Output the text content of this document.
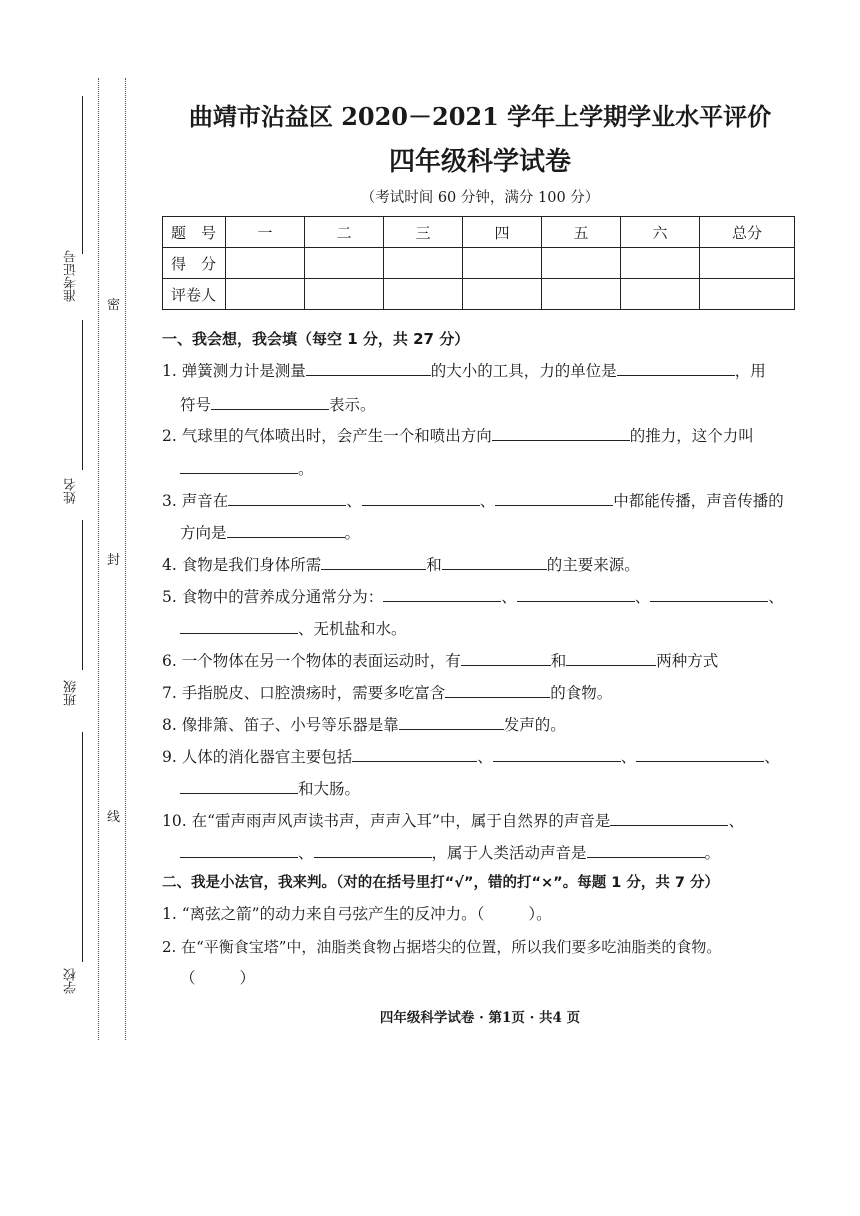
准考证号
姓名
班级
学校
密
封
线
曲靖市沾益区 2020－2021 学年上学期学业水平评价
四年级科学试卷
（考试时间 60 分钟，满分 100 分）
题　号	一	二	三	四	五	六	总分
得　分							
评卷人							
一、我会想，我会填（每空 1 分，共 27 分）
1. 弹簧测力计是测量	的大小的工具，力的单位是	，用
符号	表示。
2. 气球里的气体喷出时，会产生一个和喷出方向	的推力，这个力叫
。
3. 声音在	、	、	中都能传播，声音传播的
方向是	。
4. 食物是我们身体所需	和	的主要来源。
5. 食物中的营养成分通常分为：	、	、	、
、无机盐和水。
6. 一个物体在另一个物体的表面运动时，有	和	两种方式
7. 手指脱皮、口腔溃疡时，需要多吃富含	的食物。
8. 像排箫、笛子、小号等乐器是靠	发声的。
9. 人体的消化器官主要包括	、	、	、
和大肠。
10. 在“雷声雨声风声读书声，声声入耳”中，属于自然界的声音是	、
、	，属于人类活动声音是	。
二、我是小法官，我来判。（对的在括号里打“√”，错的打“×”。每题 1 分，共 7 分）
1. “离弦之箭”的动力来自弓弦产生的反冲力。（	）。
2. 在“平衡食宝塔”中，油脂类食物占据塔尖的位置，所以我们要多吃油脂类的食物。
（	）
四年级科学试卷 · 第1页 · 共4 页
